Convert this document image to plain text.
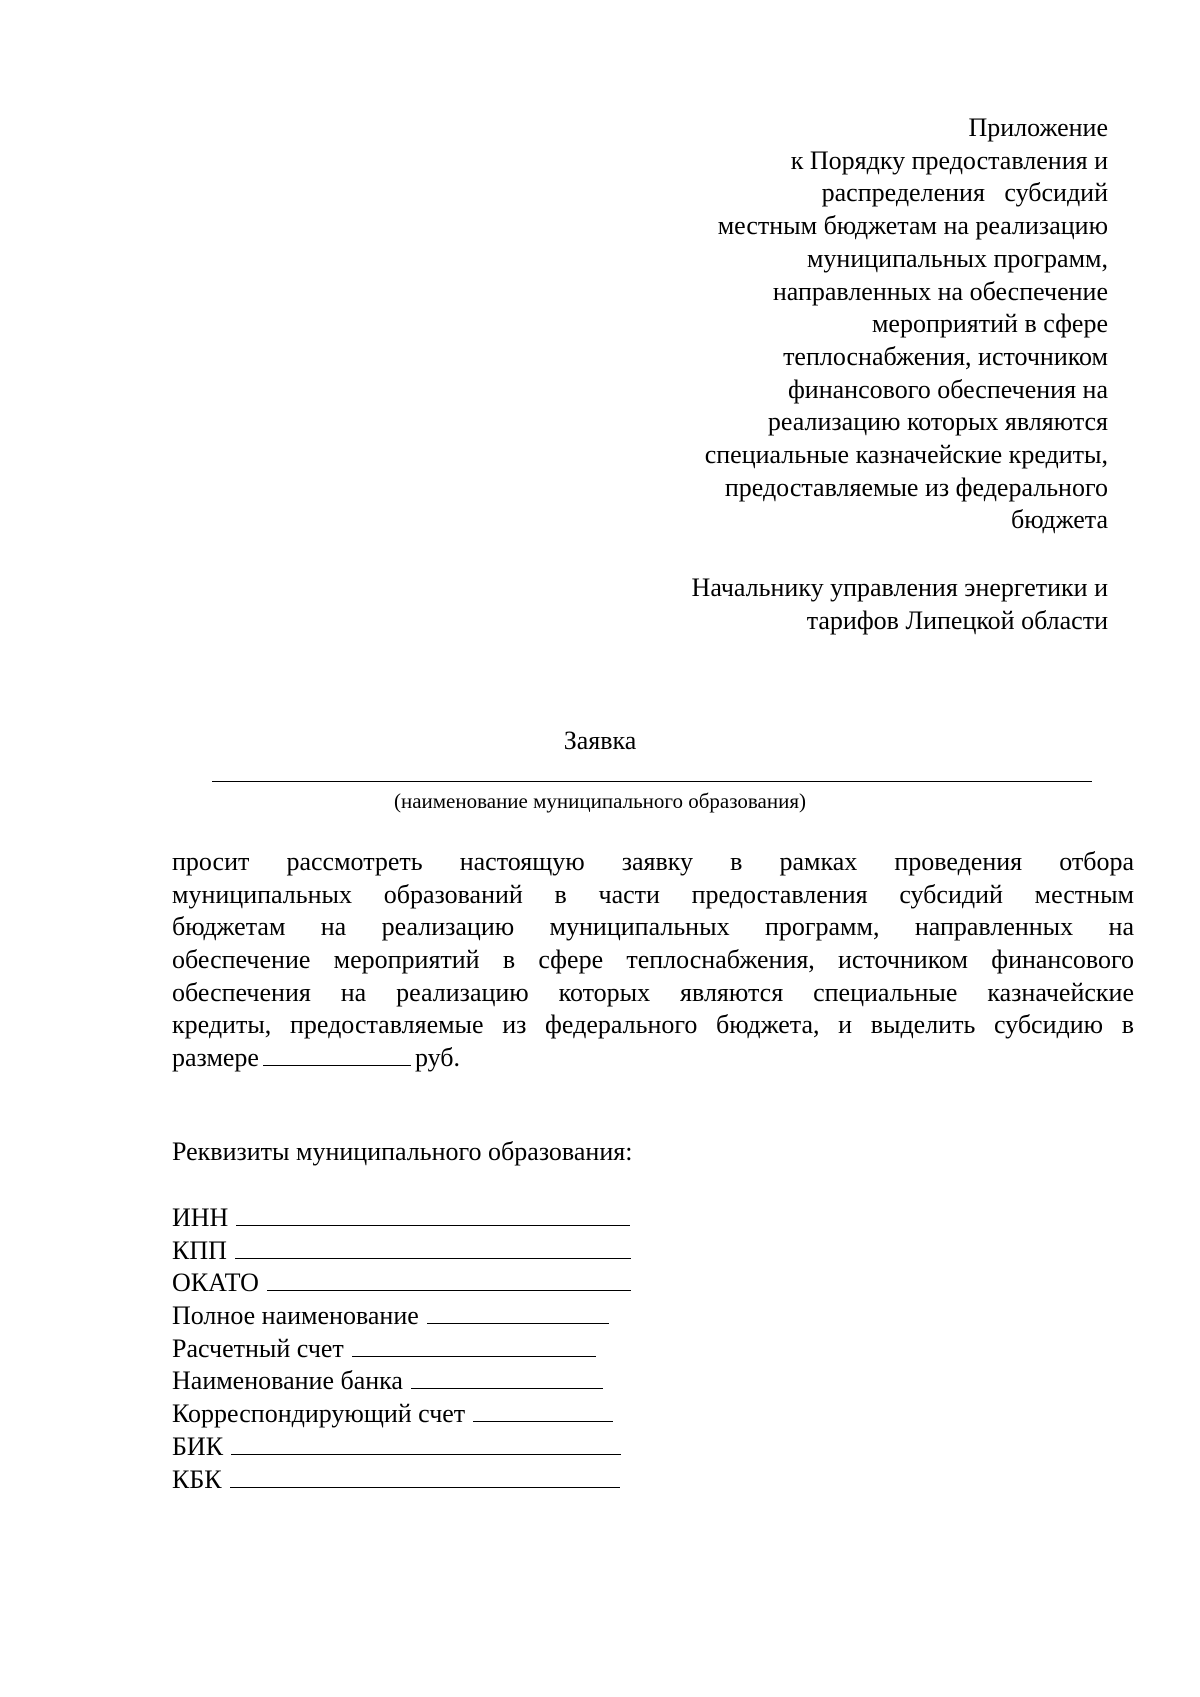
Приложение
к Порядку предоставления и
распределения   субсидий
местным бюджетам на реализацию
муниципальных программ,
направленных на обеспечение
мероприятий в сфере
теплоснабжения, источником
финансового обеспечения на
реализацию которых являются
специальные казначейские кредиты,
предоставляемые из федерального
бюджета
Начальнику управления энергетики и
тарифов Липецкой области
Заявка
(наименование муниципального образования)
просит рассмотреть настоящую заявку в рамках проведения отбора
муниципальных образований в части предоставления субсидий местным
бюджетам на реализацию муниципальных программ, направленных на
обеспечение мероприятий в сфере теплоснабжения, источником финансового
обеспечения на реализацию которых являются специальные казначейские
кредиты, предоставляемые из федерального бюджета, и выделить субсидию в
размере	руб.
Реквизиты муниципального образования:
ИНН
КПП
ОКАТО
Полное наименование
Расчетный счет
Наименование банка
Корреспондирующий счет
БИК
КБК
